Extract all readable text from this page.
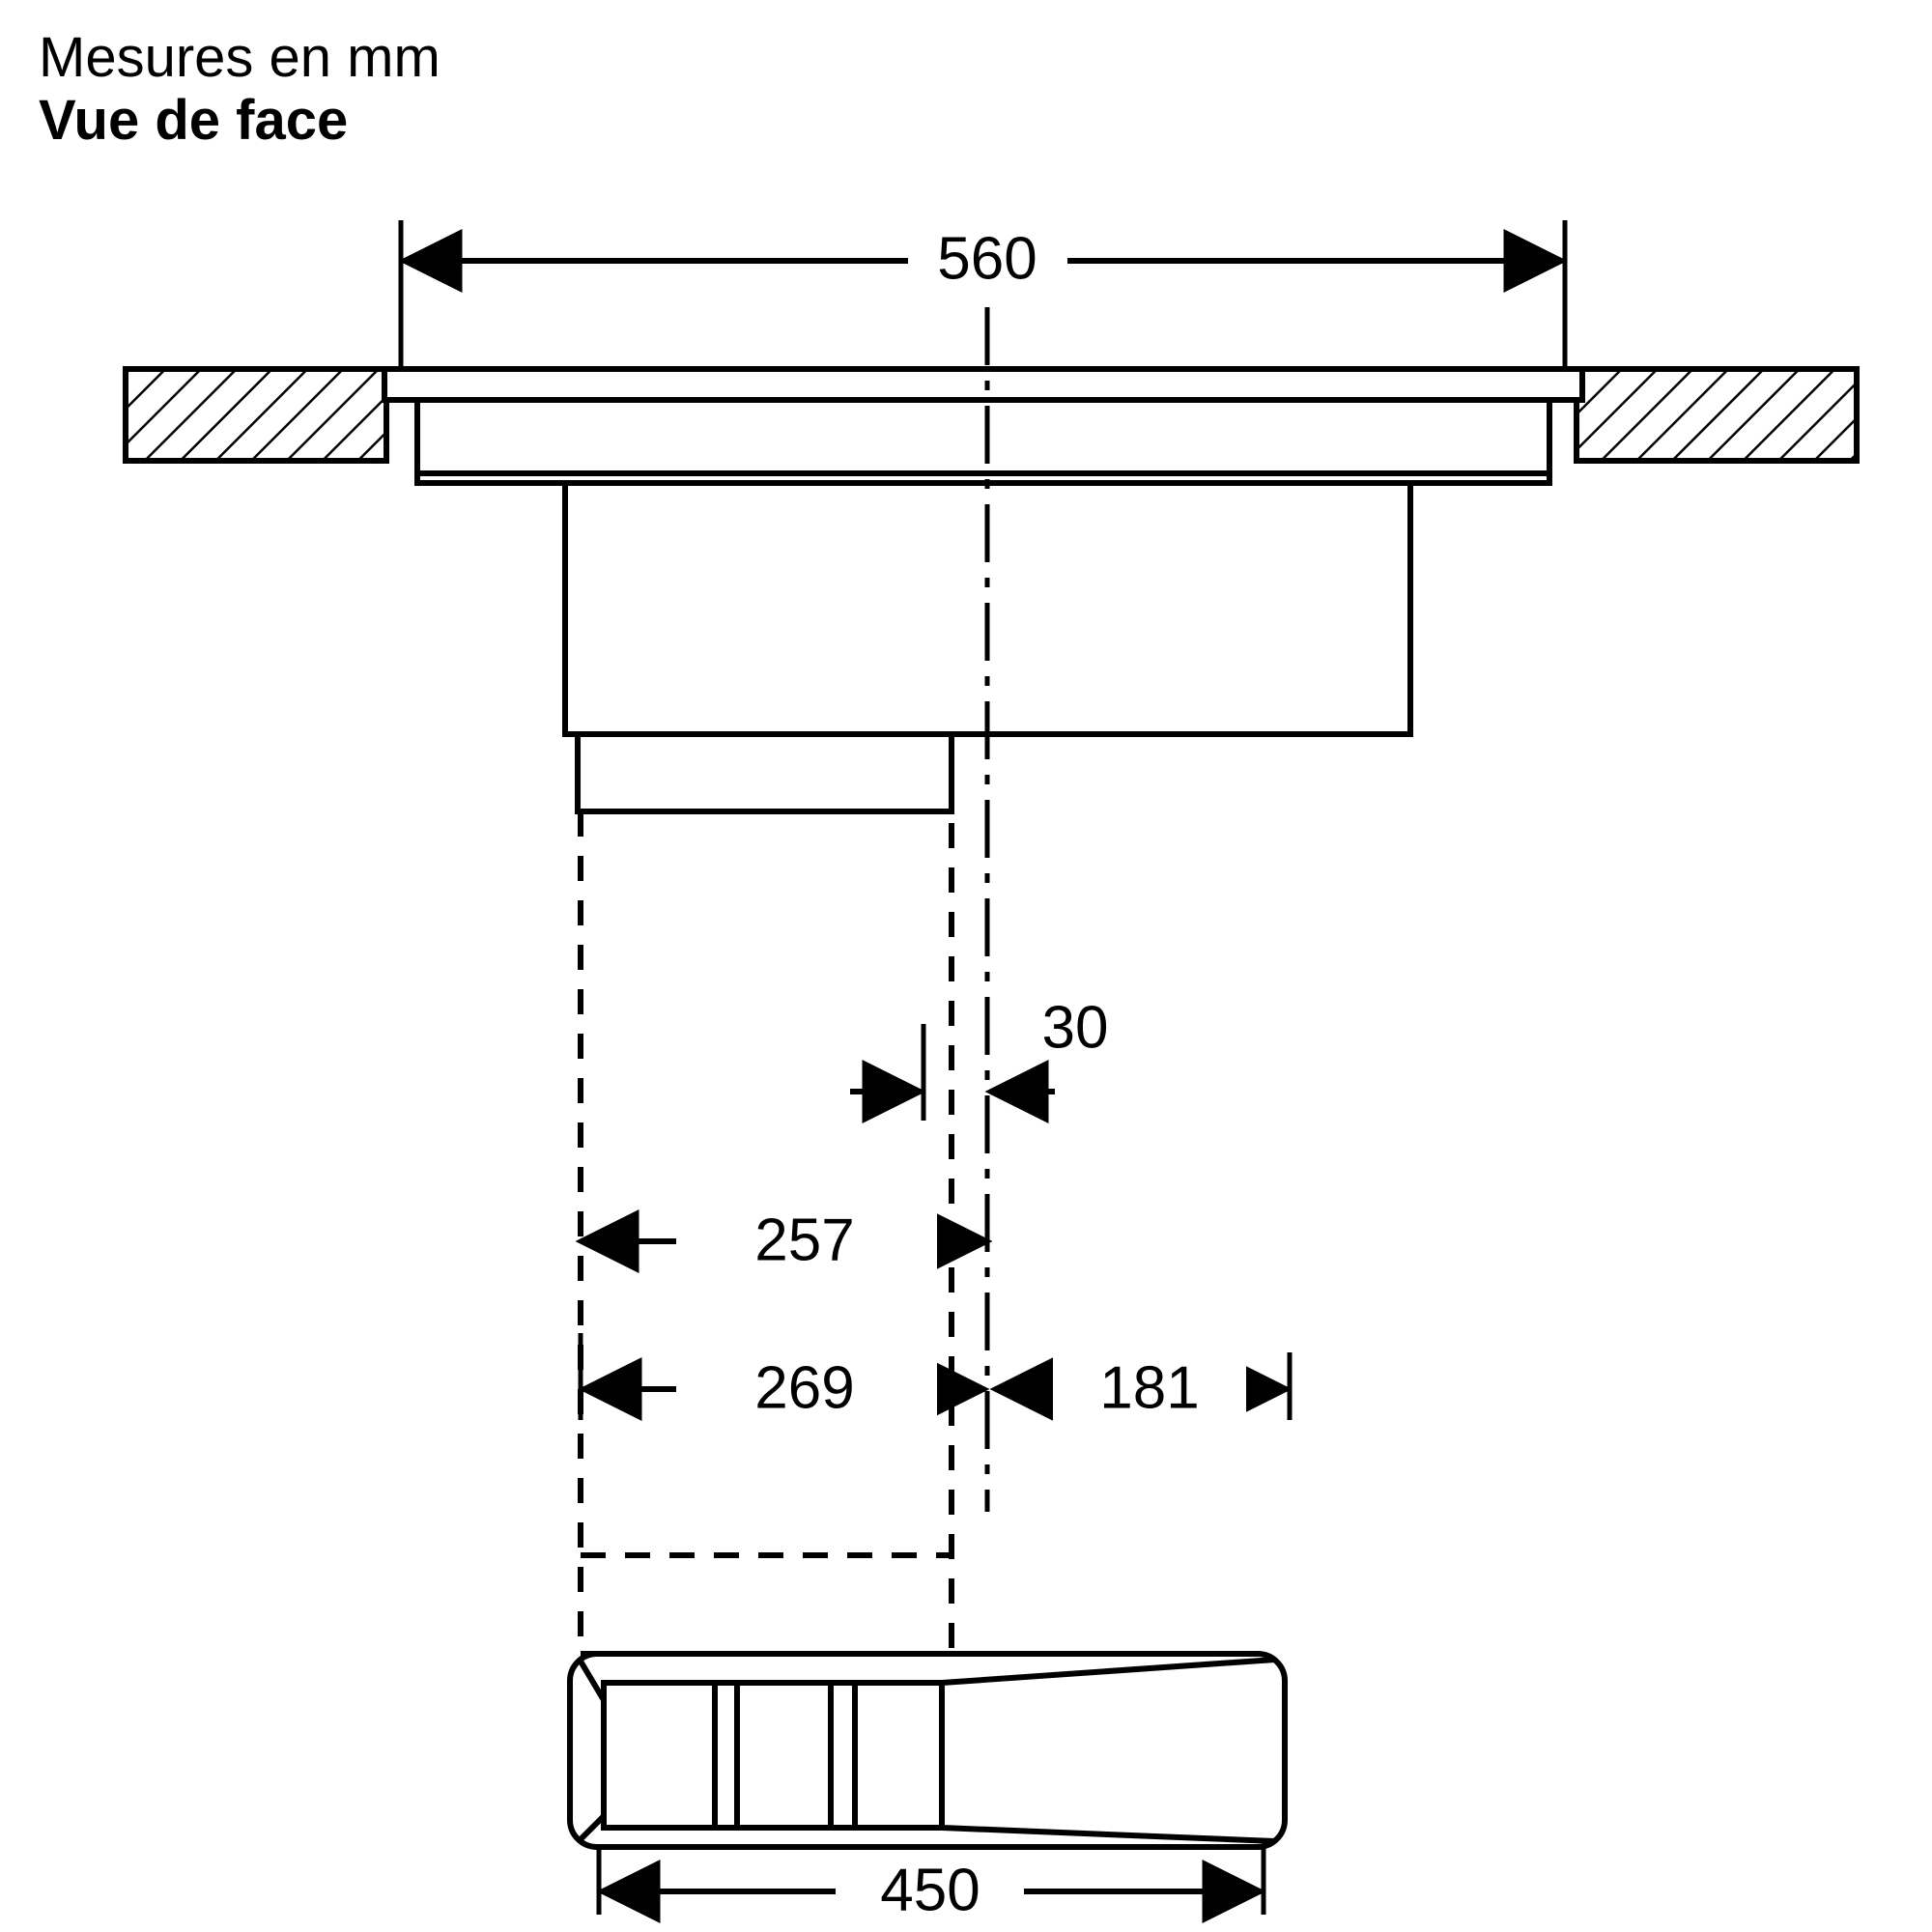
Mesures en mm
Vue de face
560
30
257
269	181
450
